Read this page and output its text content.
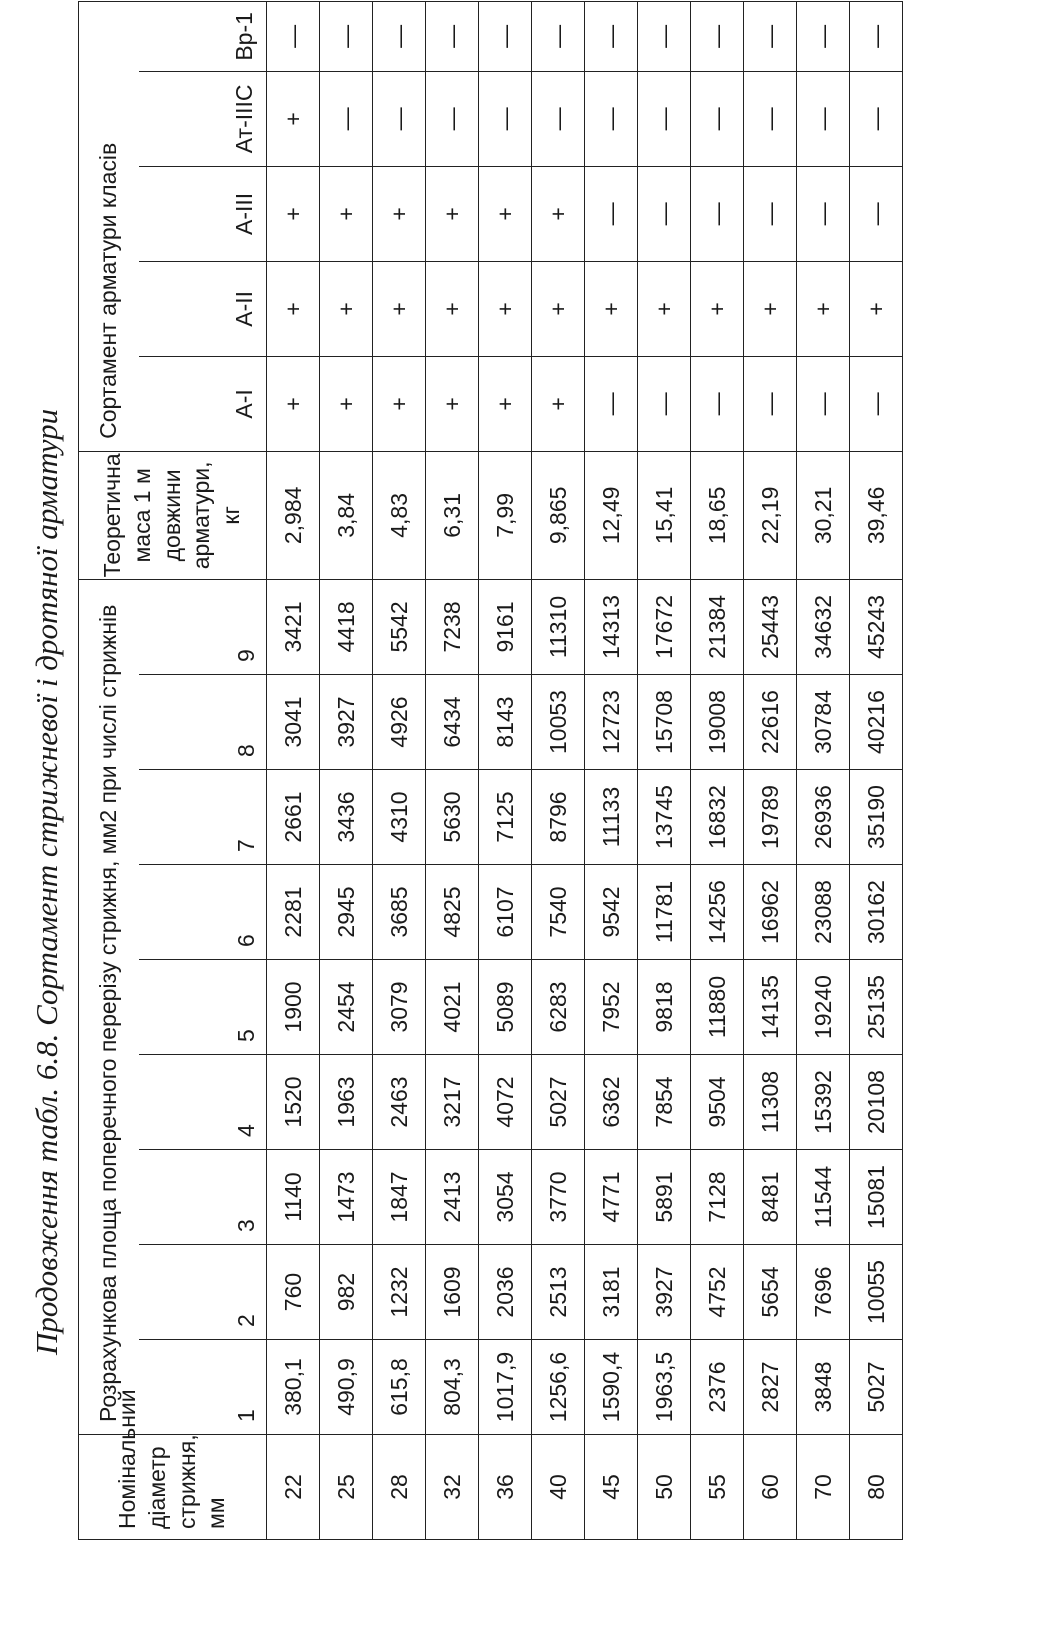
Продовження табл. 6.8. Сортамент стрижневої і дротяної арматури
Номінальний діаметр стрижня, мм	Розрахункова площа поперечного перерізу стрижня, мм2 при числі стрижнів									Теоретична маса 1 м довжини арматури, кг	Сортамент арматури класів				
	1	2	3	4	5	6	7	8	9		А-І	А-ІІ	А-ІІІ	Ат-ІІІС	Вр-1
22	380,1	760	1140	1520	1900	2281	2661	3041	3421	2,984	+	+	+	+	—
25	490,9	982	1473	1963	2454	2945	3436	3927	4418	3,84	+	+	+	—	—
28	615,8	1232	1847	2463	3079	3685	4310	4926	5542	4,83	+	+	+	—	—
32	804,3	1609	2413	3217	4021	4825	5630	6434	7238	6,31	+	+	+	—	—
36	1017,9	2036	3054	4072	5089	6107	7125	8143	9161	7,99	+	+	+	—	—
40	1256,6	2513	3770	5027	6283	7540	8796	10053	11310	9,865	+	+	+	—	—
45	1590,4	3181	4771	6362	7952	9542	11133	12723	14313	12,49	—	+	—	—	—
50	1963,5	3927	5891	7854	9818	11781	13745	15708	17672	15,41	—	+	—	—	—
55	2376	4752	7128	9504	11880	14256	16832	19008	21384	18,65	—	+	—	—	—
60	2827	5654	8481	11308	14135	16962	19789	22616	25443	22,19	—	+	—	—	—
70	3848	7696	11544	15392	19240	23088	26936	30784	34632	30,21	—	+	—	—	—
80	5027	10055	15081	20108	25135	30162	35190	40216	45243	39,46	—	+	—	—	—
